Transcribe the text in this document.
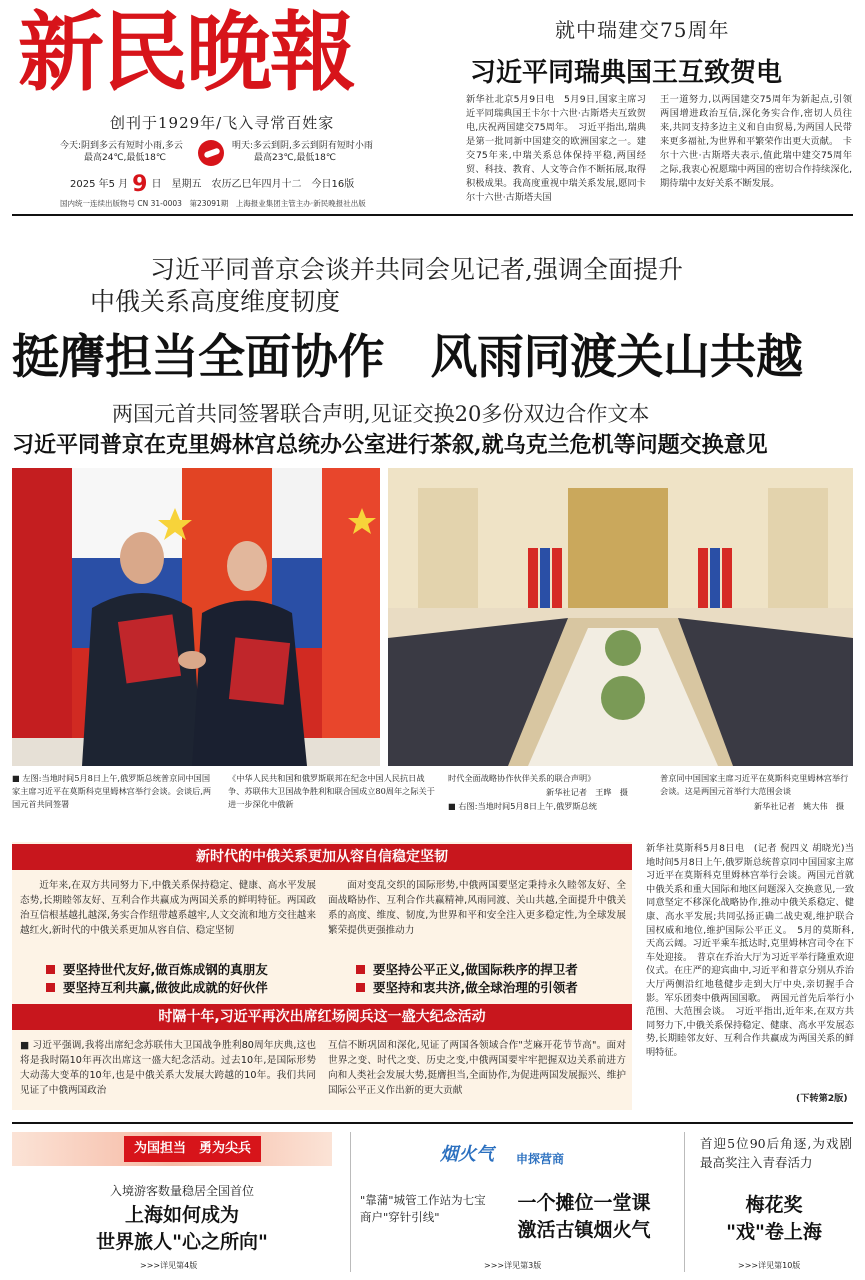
新民晚報
创刊于1929年/飞入寻常百姓家
今天:阴到多云有短时小雨,多云
最高24℃,最低18℃
明天:多云到阴,多云到阴有短时小雨
最高23℃,最低18℃
2025 年5 月 9 日　星期五　农历乙巳年四月十二　今日16版
国内统一连续出版物号 CN 31-0003　第23091期　上海报业集团主管主办·新民晚报社出版
就中瑞建交75周年
习近平同瑞典国王互致贺电
新华社北京5月9日电　5月9日,国家主席习近平同瑞典国王卡尔十六世·古斯塔夫互致贺电,庆祝两国建交75周年。　习近平指出,瑞典是第一批同新中国建交的欧洲国家之一。建交75年来,中瑞关系总体保持平稳,两国经贸、科技、教育、人文等合作不断拓展,取得积极成果。我高度重视中瑞关系发展,愿同卡尔十六世·古斯塔夫国
王一道努力,以两国建交75周年为新起点,引领两国增进政治互信,深化务实合作,密切人员往来,共同支持多边主义和自由贸易,为两国人民带来更多福祉,为世界和平繁荣作出更大贡献。　卡尔十六世·古斯塔夫表示,值此瑞中建交75周年之际,我衷心祝愿瑞中两国的密切合作持续深化,期待瑞中友好关系不断发展。
习近平同普京会谈并共同会见记者,强调全面提升
中俄关系高度维度韧度
挺膺担当全面协作　风雨同渡关山共越
两国元首共同签署联合声明,见证交换20多份双边合作文本
习近平同普京在克里姆林宫总统办公室进行茶叙,就乌克兰危机等问题交换意见
■ 左图:当地时间5月8日上午,俄罗斯总统普京同中国国家主席习近平在莫斯科克里姆林宫举行会谈。会谈后,两国元首共同签署
《中华人民共和国和俄罗斯联邦在纪念中国人民抗日战争、苏联伟大卫国战争胜利和联合国成立80周年之际关于进一步深化中俄新
时代全面战略协作伙伴关系的联合声明》
新华社记者　王晔　摄
■ 右图:当地时间5月8日上午,俄罗斯总统
普京同中国国家主席习近平在莫斯科克里姆林宫举行会谈。这是两国元首举行大范围会谈
新华社记者　姚大伟　摄
新时代的中俄关系更加从容自信稳定坚韧
近年来,在双方共同努力下,中俄关系保持稳定、健康、高水平发展态势,长期睦邻友好、互利合作共赢成为两国关系的鲜明特征。两国政治互信根基越扎越深,务实合作纽带越系越牢,人文交流和地方交往越来越红火,新时代的中俄关系更加从容自信、稳定坚韧
面对变乱交织的国际形势,中俄两国要坚定秉持永久睦邻友好、全面战略协作、互利合作共赢精神,风雨同渡、关山共越,全面提升中俄关系的高度、维度、韧度,为世界和平和安全注入更多稳定性,为全球发展繁荣提供更强推动力
要坚持世代友好,做百炼成钢的真朋友
要坚持互利共赢,做彼此成就的好伙伴
要坚持公平正义,做国际秩序的捍卫者
要坚持和衷共济,做全球治理的引领者
时隔十年,习近平再次出席红场阅兵这一盛大纪念活动
■ 习近平强调,我将出席纪念苏联伟大卫国战争胜利80周年庆典,这也将是我时隔10年再次出席这一盛大纪念活动。过去10年,是国际形势大动荡大变革的10年,也是中俄关系大发展大跨越的10年。我们共同见证了中俄两国政治
互信不断巩固和深化,见证了两国各领域合作"芝麻开花节节高"。面对世界之变、时代之变、历史之变,中俄两国要牢牢把握双边关系前进方向和人类社会发展大势,挺膺担当,全面协作,为促进两国发展振兴、维护国际公平正义作出新的更大贡献
新华社莫斯科5月8日电　(记者 倪四义 胡晓光)当地时间5月8日上午,俄罗斯总统普京同中国国家主席习近平在莫斯科克里姆林宫举行会谈。两国元首就中俄关系和重大国际和地区问题深入交换意见,一致同意坚定不移深化战略协作,推动中俄关系稳定、健康、高水平发展;共同弘扬正确二战史观,维护联合国权威和地位,维护国际公平正义。　5月的莫斯科,天高云阔。习近平乘车抵达时,克里姆林宫司令在下车处迎接。　普京在乔治大厅为习近平举行隆重欢迎仪式。在庄严的迎宾曲中,习近平和普京分别从乔治大厅两侧沿红地毯健步走到大厅中央,亲切握手合影。军乐团奏中俄两国国歌。　两国元首先后举行小范围、大范围会谈。　习近平指出,近年来,在双方共同努力下,中俄关系保持稳定、健康、高水平发展态势,长期睦邻友好、互利合作共赢成为两国关系的鲜明特征。
(下转第2版)
为国担当　勇为尖兵
入境游客数量稳居全国首位
上海如何成为
世界旅人"心之所向"
>>>详见第4版
烟火气 申探营商
"靠蒲"城管工作站为七宝商户"穿针引线"
一个摊位一堂课
激活古镇烟火气
>>>详见第3版
首迎5位90后角逐,为戏剧最高奖注入青春活力
梅花奖
"戏"卷上海
>>>详见第10版
